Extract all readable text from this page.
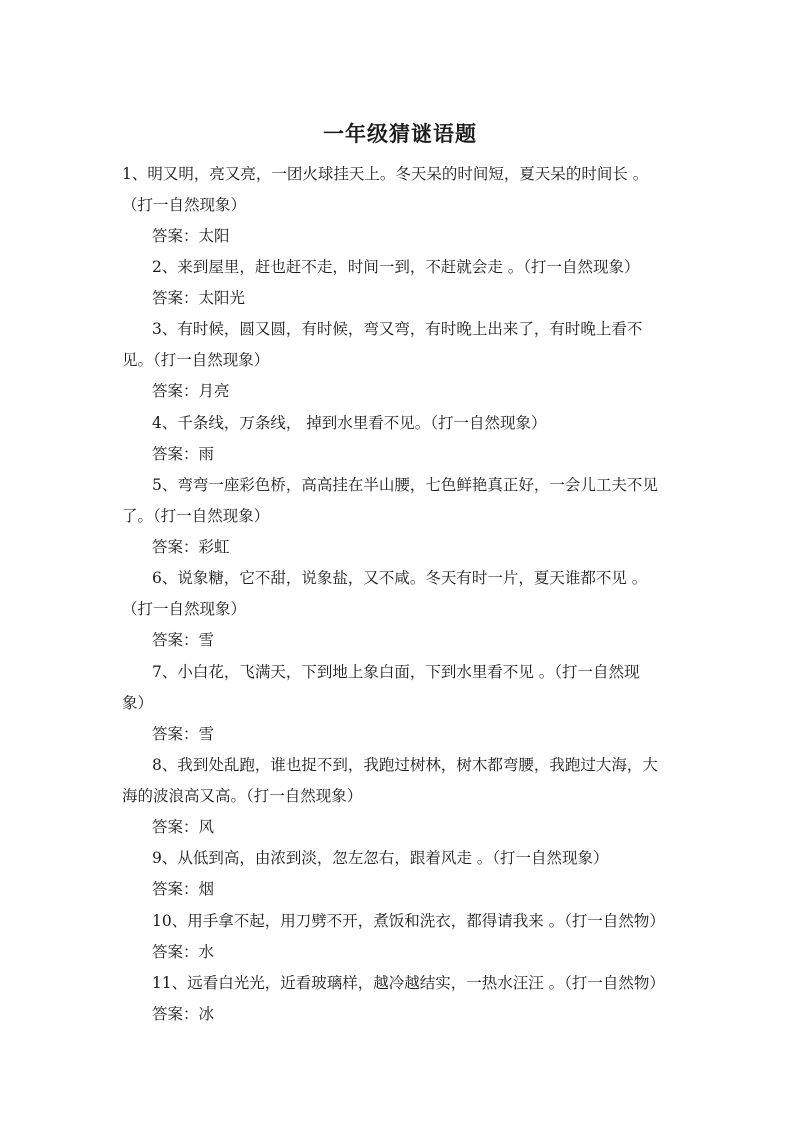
一年级猜谜语题
1、明又明，亮又亮，一团火球挂天上。冬天呆的时间短，夏天呆的时间长 。
（打一自然现象）
答案：太阳
2、来到屋里，赶也赶不走，时间一到，不赶就会走 。（打一自然现象）
答案：太阳光
3、有时候，圆又圆，有时候，弯又弯，有时晚上出来了，有时晚上看不
见。（打一自然现象）
答案：月亮
4、千条线，万条线， 掉到水里看不见。（打一自然现象）
答案：雨
5、弯弯一座彩色桥，高高挂在半山腰，七色鲜艳真正好，一会儿工夫不见
了。（打一自然现象）
答案：彩虹
6、说象糖，它不甜，说象盐，又不咸。冬天有时一片，夏天谁都不见 。
（打一自然现象）
答案：雪
7、小白花，飞满天，下到地上象白面，下到水里看不见 。（打一自然现
象）
答案：雪
8、我到处乱跑，谁也捉不到，我跑过树林，树木都弯腰，我跑过大海，大
海的波浪高又高。（打一自然现象）
答案：风
9、从低到高，由浓到淡，忽左忽右，跟着风走 。（打一自然现象）
答案：烟
10、用手拿不起，用刀劈不开，煮饭和洗衣，都得请我来 。（打一自然物）
答案：水
11、远看白光光，近看玻璃样，越冷越结实，一热水汪汪 。（打一自然物）
答案：冰
